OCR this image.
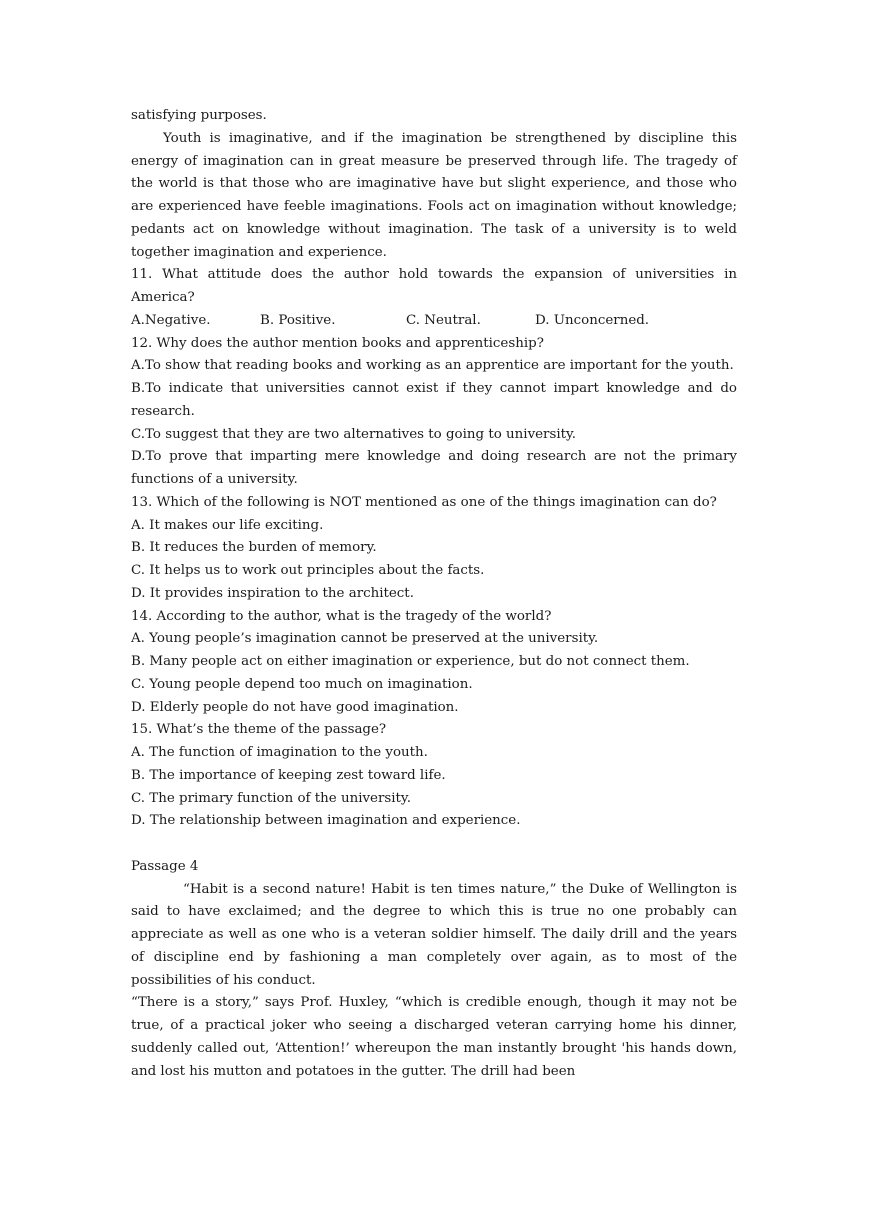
satisfying purposes.
Youth is imaginative, and if the imagination be strengthened by discipline this energy of imagination can in great measure be preserved through life. The tragedy of the world is that those who are imaginative have but slight experience, and those who are experienced have feeble imaginations. Fools act on imagination without knowledge; pedants act on knowledge without imagination. The task of a university is to weld together imagination and experience.
11. What attitude does the author hold towards the expansion of universities in America?
A.Negative.	B. Positive.	C. Neutral.	D. Unconcerned.
12. Why does the author mention books and apprenticeship?
A.To show that reading books and working as an apprentice are important for the youth.
B.To indicate that universities cannot exist if they cannot impart knowledge and do research.
C.To suggest that they are two alternatives to going to university.
D.To prove that imparting mere knowledge and doing research are not the primary functions of a university.
13. Which of the following is NOT mentioned as one of the things imagination can do?
A. It makes our life exciting.
B. It reduces the burden of memory.
C. It helps us to work out principles about the facts.
D. It provides inspiration to the architect.
14. According to the author, what is the tragedy of the world?
A. Young people’s imagination cannot be preserved at the university.
B. Many people act on either imagination or experience, but do not connect them.
C. Young people depend too much on imagination.
D. Elderly people do not have good imagination.
15. What’s the theme of the passage?
A. The function of imagination to the youth.
B. The importance of keeping zest toward life.
C. The primary function of the university.
D. The relationship between imagination and experience.
Passage 4
“Habit is a second nature! Habit is ten times nature,” the Duke of Wellington is said to have exclaimed; and the degree to which this is true no one probably can appreciate as well as one who is a veteran soldier himself. The daily drill and the years of discipline end by fashioning a man completely over again, as to most of the possibilities of his conduct.
“There is a story,” says Prof. Huxley, “which is credible enough, though it may not be true, of a practical joker who seeing a discharged veteran carrying home his dinner, suddenly called out, ‘Attention!’ whereupon the man instantly brought 'his hands down, and lost his mutton and potatoes in the gutter. The drill had been
